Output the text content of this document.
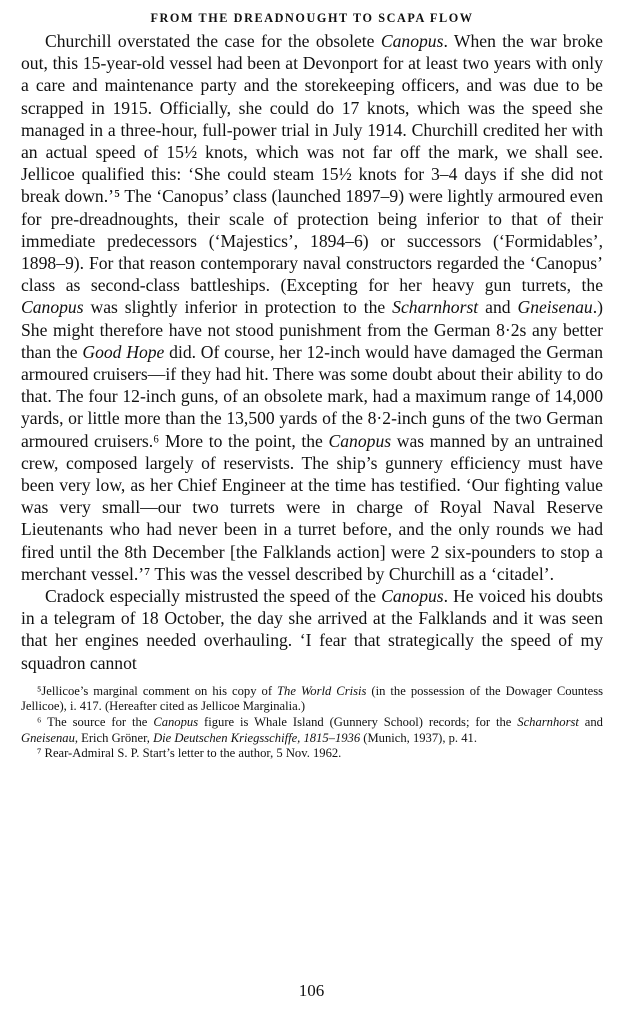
FROM THE DREADNOUGHT TO SCAPA FLOW

Churchill overstated the case for the obsolete Canopus. When the war broke out, this 15-year-old vessel had been at Devonport for at least two years with only a care and maintenance party and the storekeeping officers, and was due to be scrapped in 1915. Officially, she could do 17 knots, which was the speed she managed in a three-hour, full-power trial in July 1914. Churchill credited her with an actual speed of 15½ knots, which was not far off the mark, we shall see. Jellicoe qualified this: ‘She could steam 15½ knots for 3–4 days if she did not break down.’⁵ The ‘Canopus’ class (launched 1897–9) were lightly armoured even for pre-dreadnoughts, their scale of protection being inferior to that of their immediate predecessors (‘Majestics’, 1894–6) or successors (‘Formidables’, 1898–9). For that reason contemporary naval constructors regarded the ‘Canopus’ class as second-class battleships. (Excepting for her heavy gun turrets, the Canopus was slightly inferior in protection to the Scharnhorst and Gneisenau.) She might therefore have not stood punishment from the German 8·2s any better than the Good Hope did. Of course, her 12-inch would have damaged the German armoured cruisers—if they had hit. There was some doubt about their ability to do that. The four 12-inch guns, of an obsolete mark, had a maximum range of 14,000 yards, or little more than the 13,500 yards of the 8·2-inch guns of the two German armoured cruisers.⁶ More to the point, the Canopus was manned by an untrained crew, composed largely of reservists. The ship’s gunnery efficiency must have been very low, as her Chief Engineer at the time has testified. ‘Our fighting value was very small—our two turrets were in charge of Royal Naval Reserve Lieutenants who had never been in a turret before, and the only rounds we had fired until the 8th December [the Falklands action] were 2 six-pounders to stop a merchant vessel.’⁷ This was the vessel described by Churchill as a ‘citadel’.

Cradock especially mistrusted the speed of the Canopus. He voiced his doubts in a telegram of 18 October, the day she arrived at the Falklands and it was seen that her engines needed overhauling. ‘I fear that strategically the speed of my squadron cannot

⁵Jellicoe’s marginal comment on his copy of The World Crisis (in the possession of the Dowager Countess Jellicoe), i. 417. (Hereafter cited as Jellicoe Marginalia.)

⁶ The source for the Canopus figure is Whale Island (Gunnery School) records; for the Scharnhorst and Gneisenau, Erich Gröner, Die Deutschen Kriegsschiffe, 1815–1936 (Munich, 1937), p. 41.

⁷ Rear-Admiral S. P. Start’s letter to the author, 5 Nov. 1962.

106
